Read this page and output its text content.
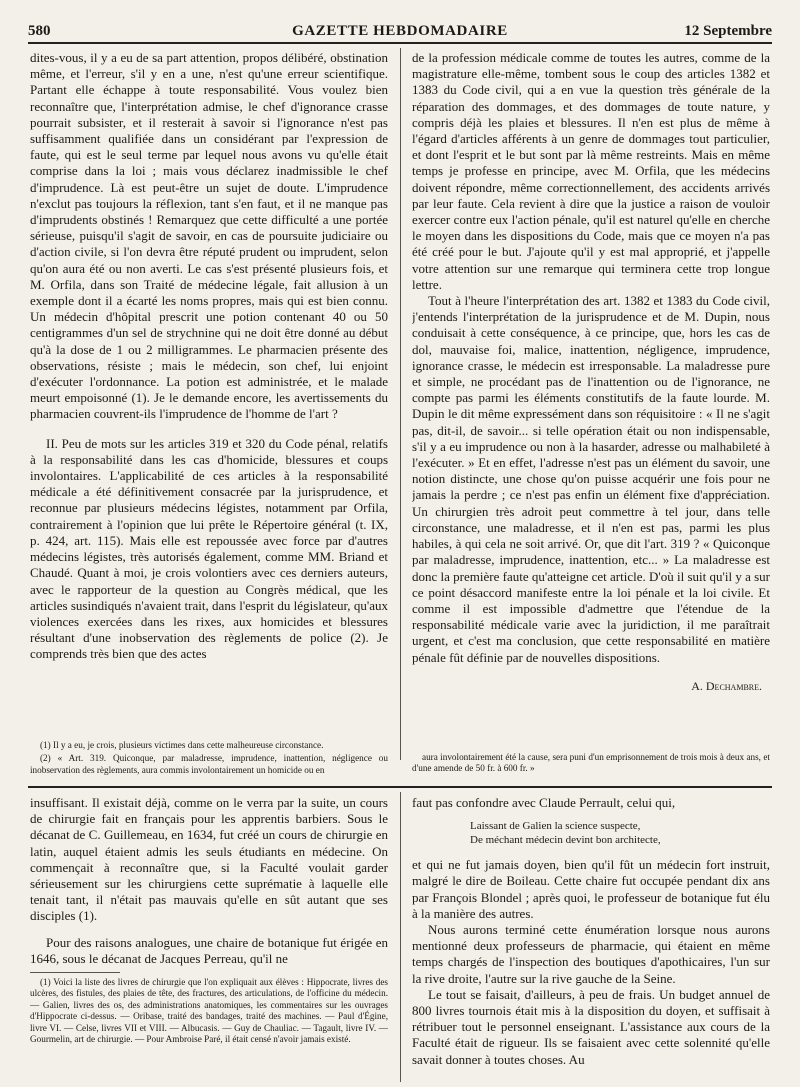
580	GAZETTE HEBDOMADAIRE	12 Septembre

dites-vous, il y a eu de sa part attention, propos délibéré, obstination même, et l'erreur, s'il y en a une, n'est qu'une erreur scientifique. Partant elle échappe à toute responsabilité. Vous voulez bien reconnaître que, l'interprétation admise, le chef d'ignorance crasse pourrait subsister, et il resterait à savoir si l'ignorance n'est pas suffisamment qualifiée dans un considérant par l'expression de faute, qui est le seul terme par lequel nous avons vu qu'elle était comprise dans la loi ; mais vous déclarez inadmissible le chef d'imprudence. Là est peut-être un sujet de doute. L'imprudence n'exclut pas toujours la réflexion, tant s'en faut, et il ne manque pas d'imprudents obstinés ! Remarquez que cette difficulté a une portée sérieuse, puisqu'il s'agit de savoir, en cas de poursuite judiciaire ou d'action civile, si l'on devra être réputé prudent ou imprudent, selon qu'on aura été ou non averti. Le cas s'est présenté plusieurs fois, et M. Orfila, dans son Traité de médecine légale, fait allusion à un exemple dont il a écarté les noms propres, mais qui est bien connu. Un médecin d'hôpital prescrit une potion contenant 40 ou 50 centigrammes d'un sel de strychnine qui ne doit être donné au début qu'à la dose de 1 ou 2 milligrammes. Le pharmacien présente des observations, résiste ; mais le médecin, son chef, lui enjoint d'exécuter l'ordonnance. La potion est administrée, et le malade meurt empoisonné (1). Je le demande encore, les avertissements du pharmacien couvrent-ils l'imprudence de l'homme de l'art ?

II. Peu de mots sur les articles 319 et 320 du Code pénal, relatifs à la responsabilité dans les cas d'homicide, blessures et coups involontaires. L'applicabilité de ces articles à la responsabilité médicale a été définitivement consacrée par la jurisprudence, et reconnue par plusieurs médecins légistes, notamment par Orfila, contrairement à l'opinion que lui prête le Répertoire général (t. IX, p. 424, art. 115). Mais elle est repoussée avec force par d'autres médecins légistes, très autorisés également, comme MM. Briand et Chaudé. Quant à moi, je crois volontiers avec ces derniers auteurs, avec le rapporteur de la question au Congrès médical, que les articles susindiqués n'avaient trait, dans l'esprit du législateur, qu'aux violences exercées dans les rixes, aux homicides et blessures résultant d'une inobservation des règlements de police (2). Je comprends très bien que des actes

de la profession médicale comme de toutes les autres, comme de la magistrature elle-même, tombent sous le coup des articles 1382 et 1383 du Code civil, qui a en vue la question très générale de la réparation des dommages, et des dommages de toute nature, y compris déjà les plaies et blessures. Il n'en est plus de même à l'égard d'articles afférents à un genre de dommages tout particulier, et dont l'esprit et le but sont par là même restreints. Mais en même temps je professe en principe, avec M. Orfila, que les médecins doivent répondre, même correctionnellement, des accidents arrivés par leur faute. Cela revient à dire que la justice a raison de vouloir exercer contre eux l'action pénale, qu'il est naturel qu'elle en cherche le moyen dans les dispositions du Code, mais que ce moyen n'a pas été créé pour le but. J'ajoute qu'il y est mal approprié, et j'appelle votre attention sur une remarque qui terminera cette trop longue lettre.

Tout à l'heure l'interprétation des art. 1382 et 1383 du Code civil, j'entends l'interprétation de la jurisprudence et de M. Dupin, nous conduisait à cette conséquence, à ce principe, que, hors les cas de dol, mauvaise foi, malice, inattention, négligence, imprudence, ignorance crasse, le médecin est irresponsable. La maladresse pure et simple, ne procédant pas de l'inattention ou de l'ignorance, ne compte pas parmi les éléments constitutifs de la faute lourde. M. Dupin le dit même expressément dans son réquisitoire : « Il ne s'agit pas, dit-il, de savoir... si telle opération était ou non indispensable, s'il y a eu imprudence ou non à la hasarder, adresse ou malhabileté à l'exécuter. » Et en effet, l'adresse n'est pas un élément du savoir, une notion distincte, une chose qu'on puisse acquérir une fois pour ne jamais la perdre ; ce n'est pas enfin un élément fixe d'appréciation. Un chirurgien très adroit peut commettre à tel jour, dans telle circonstance, une maladresse, et il n'en est pas, parmi les plus habiles, à qui cela ne soit arrivé. Or, que dit l'art. 319 ? « Quiconque par maladresse, imprudence, inattention, etc... » La maladresse est donc la première faute qu'atteigne cet article. D'où il suit qu'il y a sur ce point désaccord manifeste entre la loi pénale et la loi civile. Et comme il est impossible d'admettre que l'étendue de la responsabilité médicale varie avec la juridiction, il me paraîtrait urgent, et c'est ma conclusion, que cette responsabilité en matière pénale fût définie par de nouvelles dispositions.

A. Dechambre.

(1) Il y a eu, je crois, plusieurs victimes dans cette malheureuse circonstance.

(2) « Art. 319. Quiconque, par maladresse, imprudence, inattention, négligence ou inobservation des règlements, aura commis involontairement un homicide ou en

aura involontairement été la cause, sera puni d'un emprisonnement de trois mois à deux ans, et d'une amende de 50 fr. à 600 fr. »

insuffisant. Il existait déjà, comme on le verra par la suite, un cours de chirurgie fait en français pour les apprentis barbiers. Sous le décanat de C. Guillemeau, en 1634, fut créé un cours de chirurgie en latin, auquel étaient admis les seuls étudiants en médecine. On commençait à reconnaître que, si la Faculté voulait garder sérieusement sur les chirurgiens cette suprématie à laquelle elle tenait tant, il n'était pas mauvais qu'elle en sût autant que ses disciples (1).

Pour des raisons analogues, une chaire de botanique fut érigée en 1646, sous le décanat de Jacques Perreau, qu'il ne

faut pas confondre avec Claude Perrault, celui qui,

Laissant de Galien la science suspecte,
De méchant médecin devint bon architecte,

et qui ne fut jamais doyen, bien qu'il fût un médecin fort instruit, malgré le dire de Boileau. Cette chaire fut occupée pendant dix ans par François Blondel ; après quoi, le professeur de botanique fut élu à la manière des autres.

Nous aurons terminé cette énumération lorsque nous aurons mentionné deux professeurs de pharmacie, qui étaient en même temps chargés de l'inspection des boutiques d'apothicaires, l'un sur la rive droite, l'autre sur la rive gauche de la Seine.

Le tout se faisait, d'ailleurs, à peu de frais. Un budget annuel de 800 livres tournois était mis à la disposition du doyen, et suffisait à rétribuer tout le personnel enseignant. L'assistance aux cours de la Faculté était de rigueur. Ils se faisaient avec cette solennité qu'elle savait donner à toutes choses. Au

(1) Voici la liste des livres de chirurgie que l'on expliquait aux élèves : Hippocrate, livres des ulcères, des fistules, des plaies de tête, des fractures, des articulations, de l'officine du médecin. — Galien, livres des os, des administrations anatomiques, les commentaires sur les ouvrages d'Hippocrate ci-dessus. — Oribase, traité des bandages, traité des machines. — Paul d'Égine, livre VI. — Celse, livres VII et VIII. — Albucasis. — Guy de Chauliac. — Tagault, livre IV. — Gourmelin, art de chirurgie. — Pour Ambroise Paré, il était censé n'avoir jamais existé.
